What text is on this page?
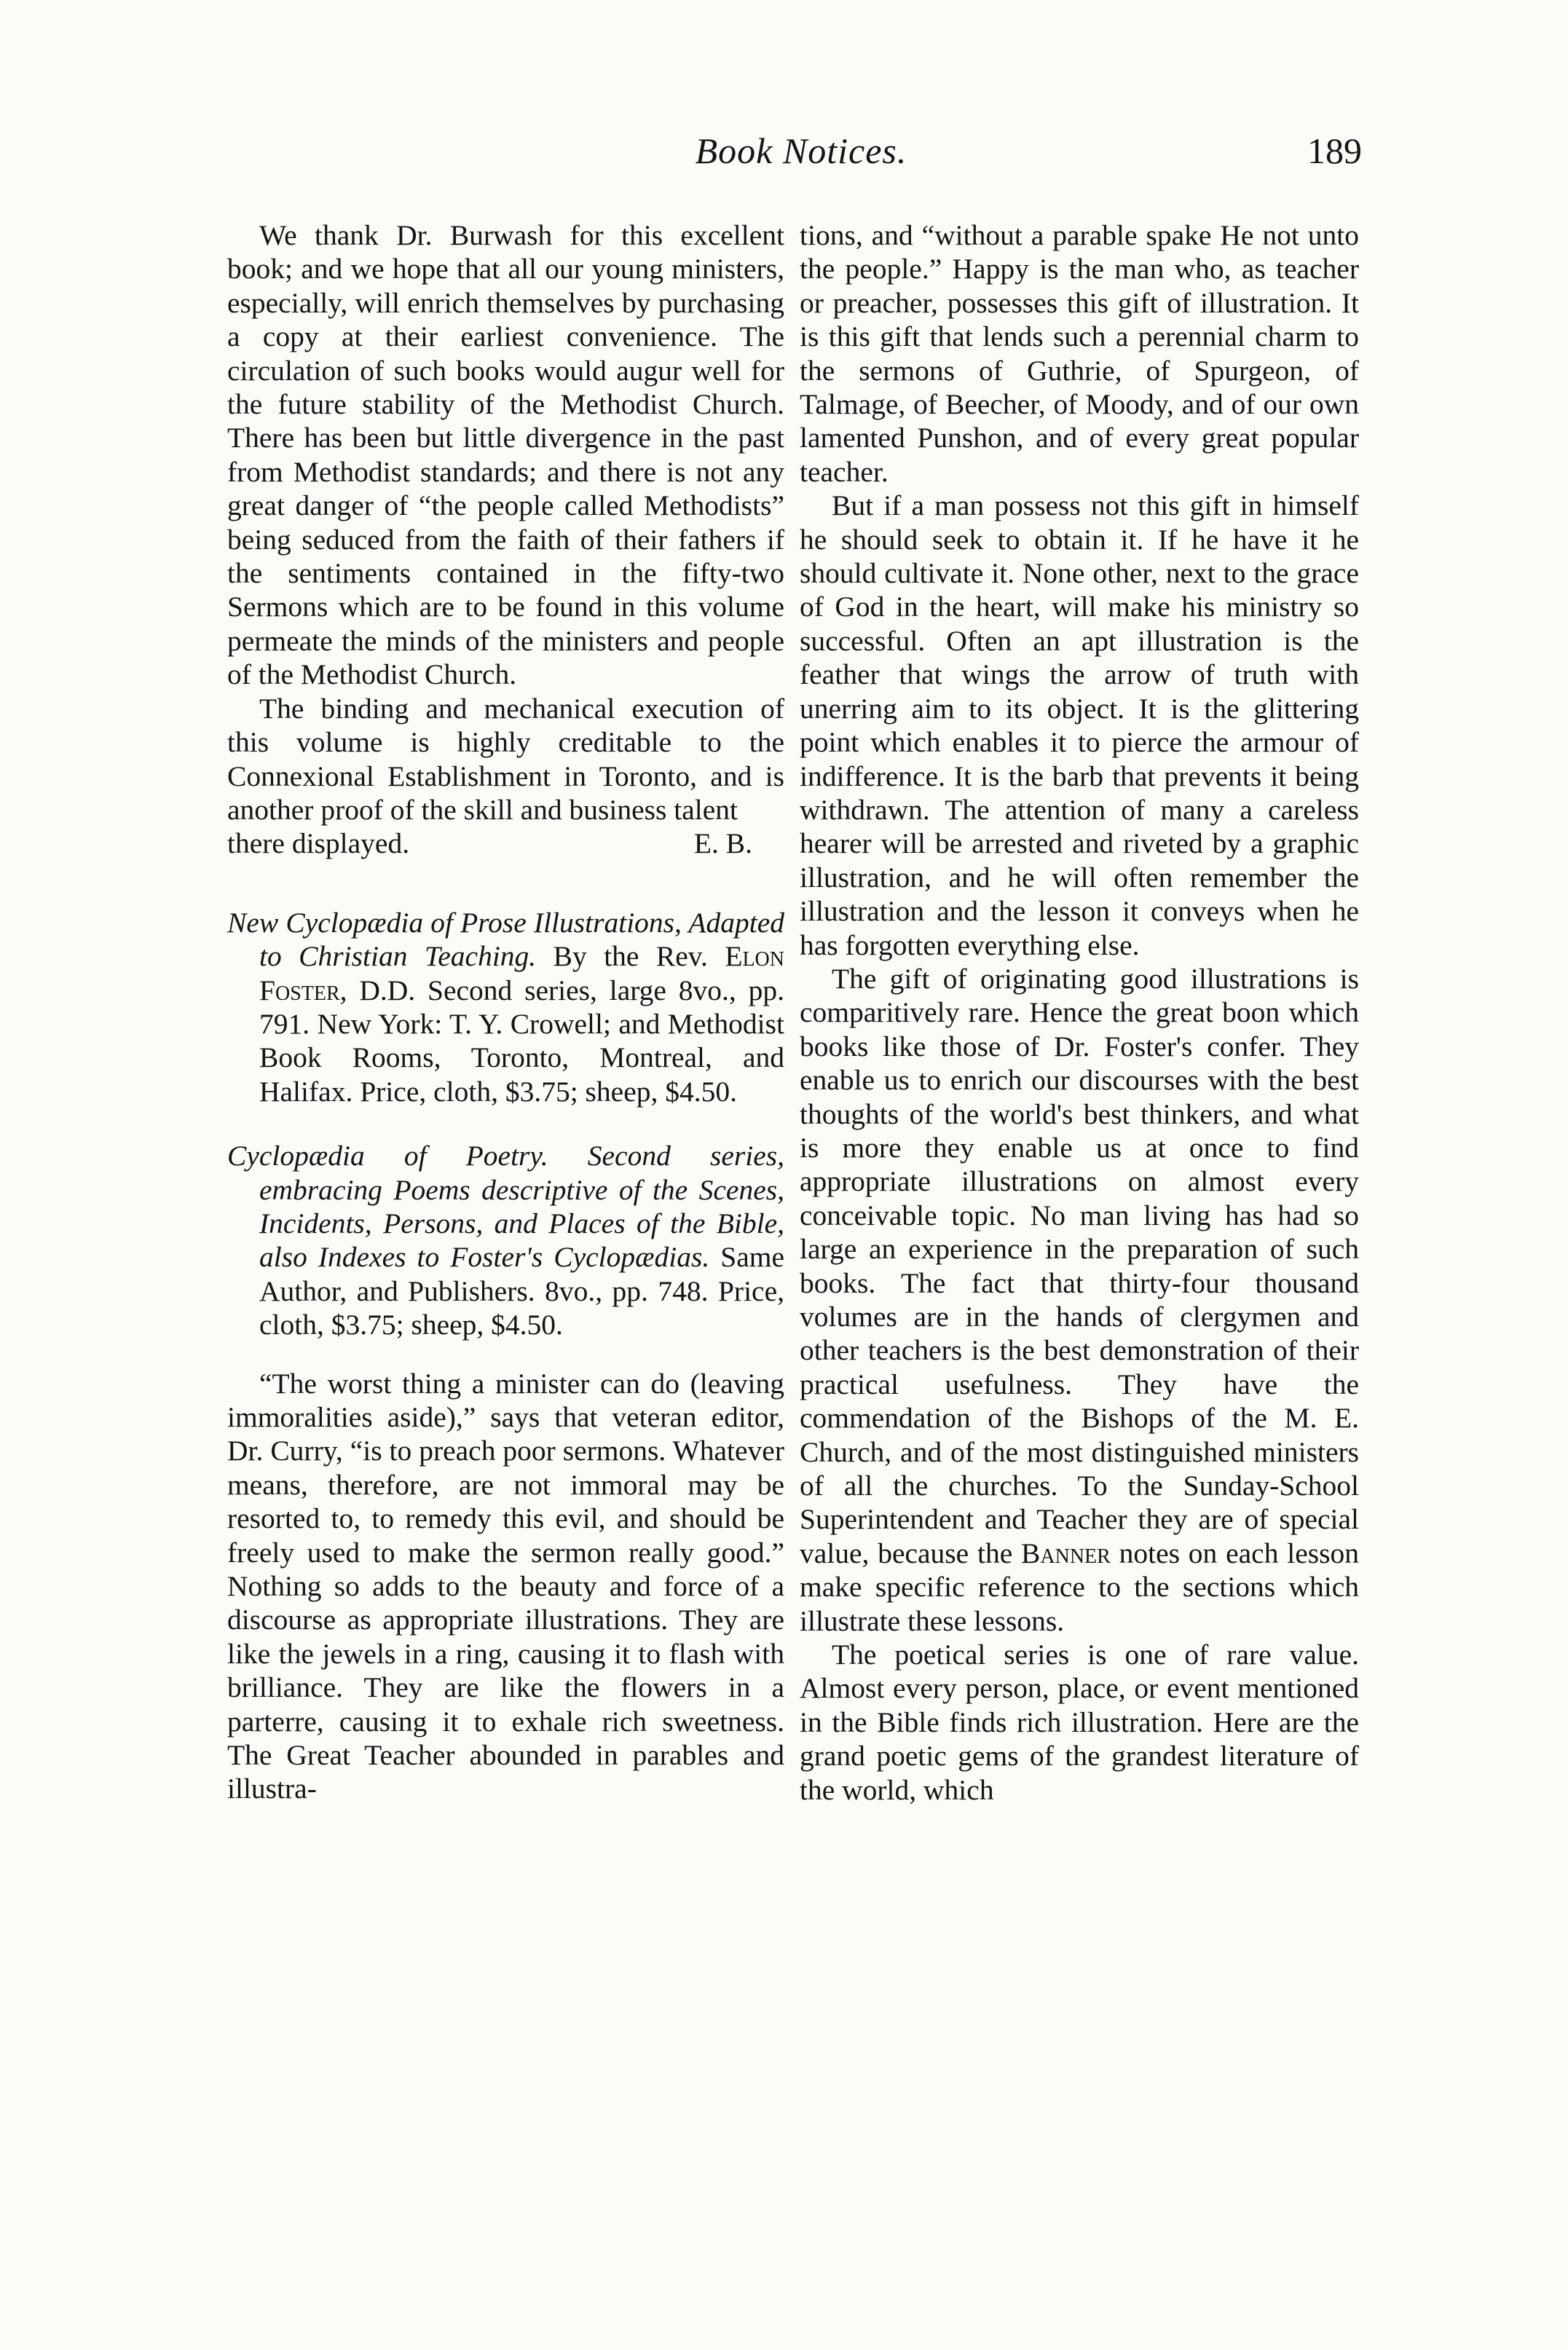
Book Notices.	189

We thank Dr. Burwash for this excellent book; and we hope that all our young ministers, especially, will enrich themselves by purchasing a copy at their earliest convenience. The circulation of such books would augur well for the future stability of the Methodist Church. There has been but little divergence in the past from Methodist standards; and there is not any great danger of “the people called Methodists” being seduced from the faith of their fathers if the sentiments contained in the fifty-two Sermons which are to be found in this volume permeate the minds of the ministers and people of the Methodist Church.

The binding and mechanical execution of this volume is highly creditable to the Connexional Establishment in Toronto, and is another proof of the skill and business talent

there displayed.	E. B.

New Cyclopædia of Prose Illustrations, Adapted to Christian Teaching. By the Rev. Elon Foster, D.D. Second series, large 8vo., pp. 791. New York: T. Y. Crowell; and Methodist Book Rooms, Toronto, Montreal, and Halifax. Price, cloth, $3.75; sheep, $4.50.

Cyclopædia of Poetry. Second series, embracing Poems descriptive of the Scenes, Incidents, Persons, and Places of the Bible, also Indexes to Foster's Cyclopædias. Same Author, and Publishers. 8vo., pp. 748. Price, cloth, $3.75; sheep, $4.50.

“The worst thing a minister can do (leaving immoralities aside),” says that veteran editor, Dr. Curry, “is to preach poor sermons. Whatever means, therefore, are not immoral may be resorted to, to remedy this evil, and should be freely used to make the sermon really good.” Nothing so adds to the beauty and force of a discourse as appropriate illustrations. They are like the jewels in a ring, causing it to flash with brilliance. They are like the flowers in a parterre, causing it to exhale rich sweetness. The Great Teacher abounded in parables and illustra-

tions, and “without a parable spake He not unto the people.” Happy is the man who, as teacher or preacher, possesses this gift of illustration. It is this gift that lends such a perennial charm to the sermons of Guthrie, of Spurgeon, of Talmage, of Beecher, of Moody, and of our own lamented Punshon, and of every great popular teacher.

But if a man possess not this gift in himself he should seek to obtain it. If he have it he should cultivate it. None other, next to the grace of God in the heart, will make his ministry so successful. Often an apt illustration is the feather that wings the arrow of truth with unerring aim to its object. It is the glittering point which enables it to pierce the armour of indifference. It is the barb that prevents it being withdrawn. The attention of many a careless hearer will be arrested and riveted by a graphic illustration, and he will often remember the illustration and the lesson it conveys when he has forgotten everything else.

The gift of originating good illustrations is comparitively rare. Hence the great boon which books like those of Dr. Foster's confer. They enable us to enrich our discourses with the best thoughts of the world's best thinkers, and what is more they enable us at once to find appropriate illustrations on almost every conceivable topic. No man living has had so large an experience in the preparation of such books. The fact that thirty-four thousand volumes are in the hands of clergymen and other teachers is the best demonstration of their practical usefulness. They have the commendation of the Bishops of the M. E. Church, and of the most distinguished ministers of all the churches. To the Sunday-School Superintendent and Teacher they are of special value, because the Banner notes on each lesson make specific reference to the sections which illustrate these lessons.

The poetical series is one of rare value. Almost every person, place, or event mentioned in the Bible finds rich illustration. Here are the grand poetic gems of the grandest literature of the world, which
